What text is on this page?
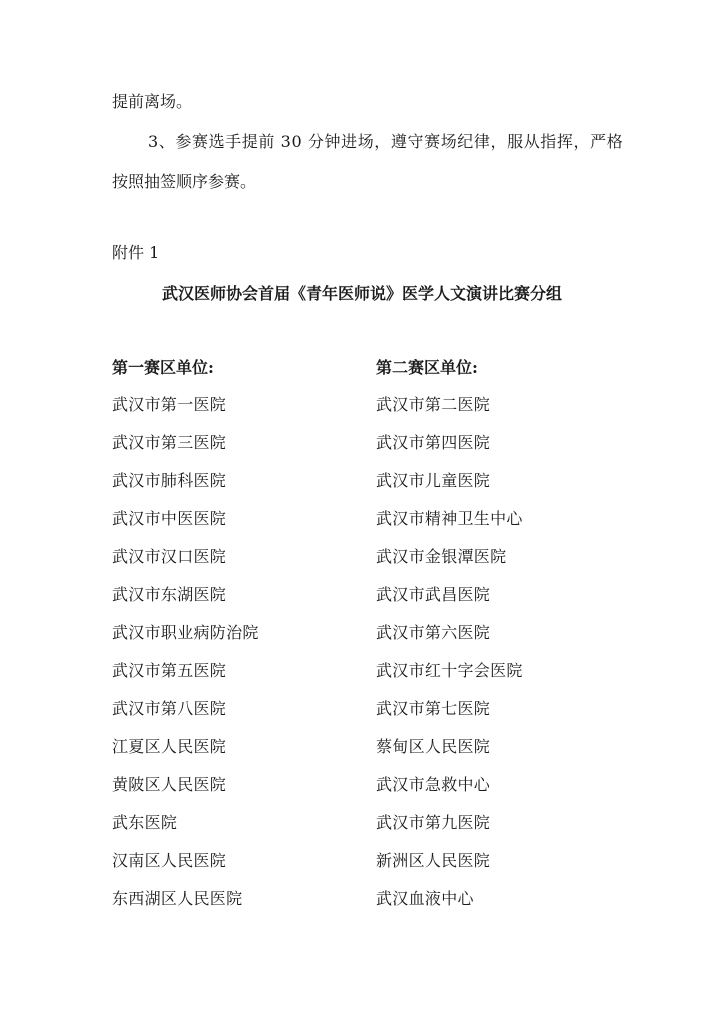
提前离场。
3、参赛选手提前 30 分钟进场，遵守赛场纪律，服从指挥，严格
按照抽签顺序参赛。
附件 1
武汉医师协会首届《青年医师说》医学人文演讲比赛分组
第一赛区单位:
武汉市第一医院
武汉市第三医院
武汉市肺科医院
武汉市中医医院
武汉市汉口医院
武汉市东湖医院
武汉市职业病防治院
武汉市第五医院
武汉市第八医院
江夏区人民医院
黄陂区人民医院
武东医院
汉南区人民医院
东西湖区人民医院
第二赛区单位:
武汉市第二医院
武汉市第四医院
武汉市儿童医院
武汉市精神卫生中心
武汉市金银潭医院
武汉市武昌医院
武汉市第六医院
武汉市红十字会医院
武汉市第七医院
蔡甸区人民医院
武汉市急救中心
武汉市第九医院
新洲区人民医院
武汉血液中心
